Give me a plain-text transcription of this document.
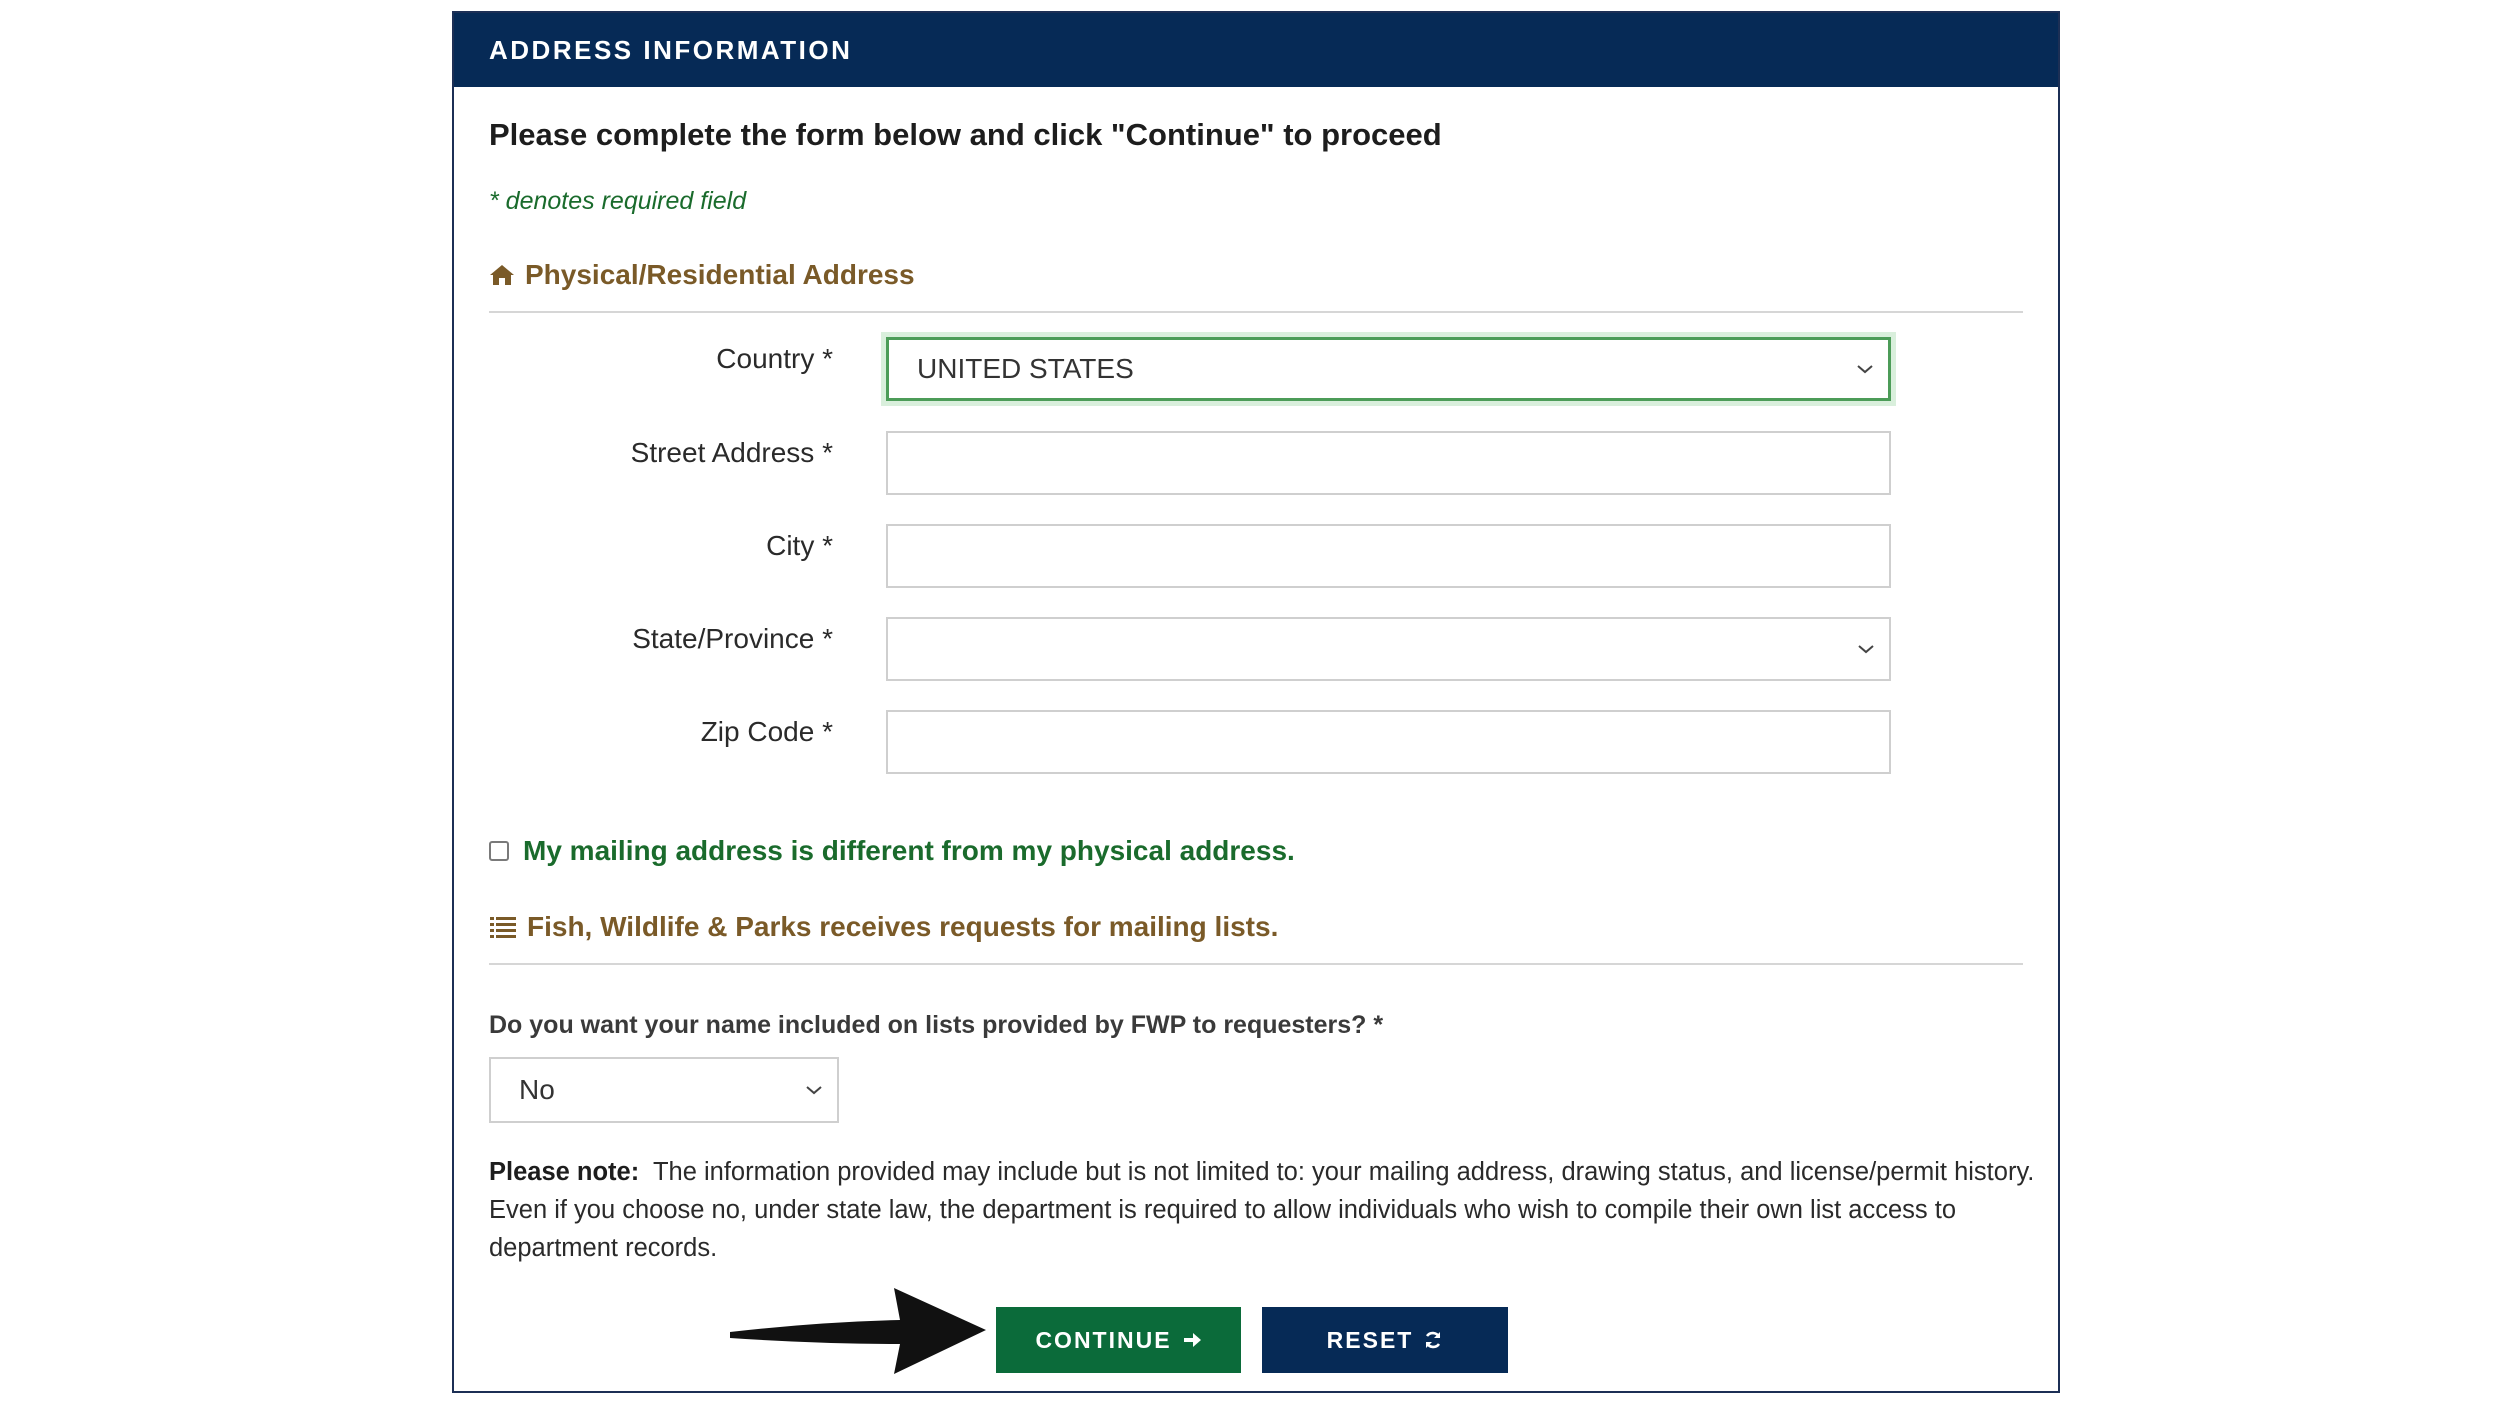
ADDRESS INFORMATION
Please complete the form below and click "Continue" to proceed
* denotes required field
Physical/Residential Address
Country *	UNITED STATES
Street Address *
City *
State/Province *
Zip Code *
My mailing address is different from my physical address.
Fish, Wildlife & Parks receives requests for mailing lists.
Do you want your name included on lists provided by FWP to requesters? *
No
Please note: The information provided may include but is not limited to: your mailing address, drawing status, and license/permit history. Even if you choose no, under state law, the department is required to allow individuals who wish to compile their own list access to department records.
CONTINUE	RESET
